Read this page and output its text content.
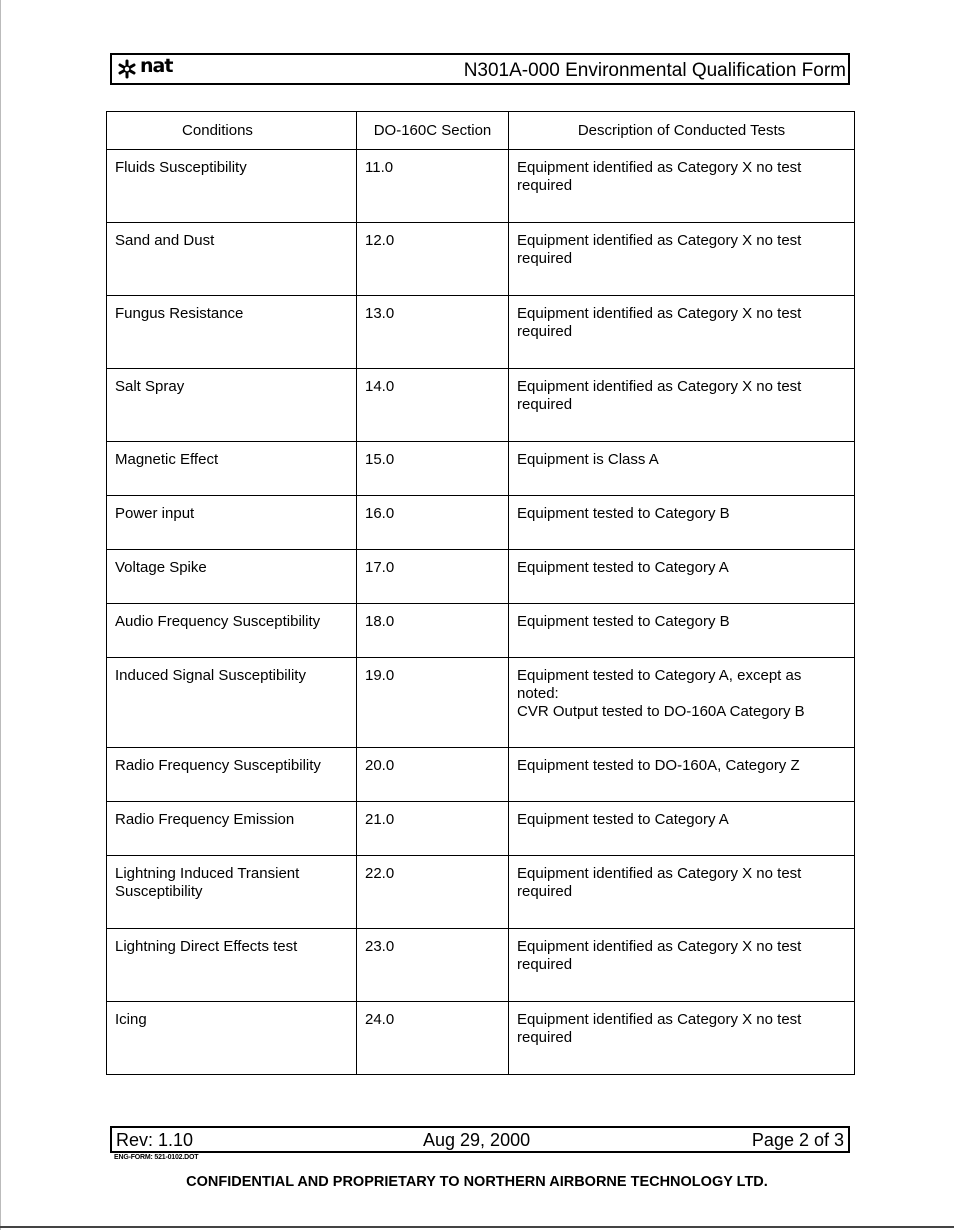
nat	N301A-000 Environmental Qualification Form
Conditions	DO-160C Section	Description of Conducted Tests
Fluids Susceptibility	11.0	Equipment identified as Category X no test
required

Sand and Dust	12.0	Equipment identified as Category X no test
required

Fungus Resistance	13.0	Equipment identified as Category X no test
required

Salt Spray	14.0	Equipment identified as Category X no test
required

Magnetic Effect	15.0	Equipment is Class A

Power input	16.0	Equipment tested to Category B

Voltage Spike	17.0	Equipment tested to Category A

Audio Frequency Susceptibility	18.0	Equipment tested to Category B

Induced Signal Susceptibility	19.0	Equipment tested to Category A, except as
noted:
CVR Output tested to DO-160A Category B

Radio Frequency Susceptibility	20.0	Equipment tested to DO-160A, Category Z

Radio Frequency Emission	21.0	Equipment tested to Category A

Lightning Induced Transient Susceptibility	22.0	Equipment identified as Category X no test
required

Lightning Direct Effects test	23.0	Equipment identified as Category X no test
required

Icing	24.0	Equipment identified as Category X no test
required
Rev: 1.10	Aug 29, 2000	Page 2 of 3
ENG-FORM: 521-0102.DOT
CONFIDENTIAL AND PROPRIETARY TO NORTHERN AIRBORNE TECHNOLOGY LTD.
